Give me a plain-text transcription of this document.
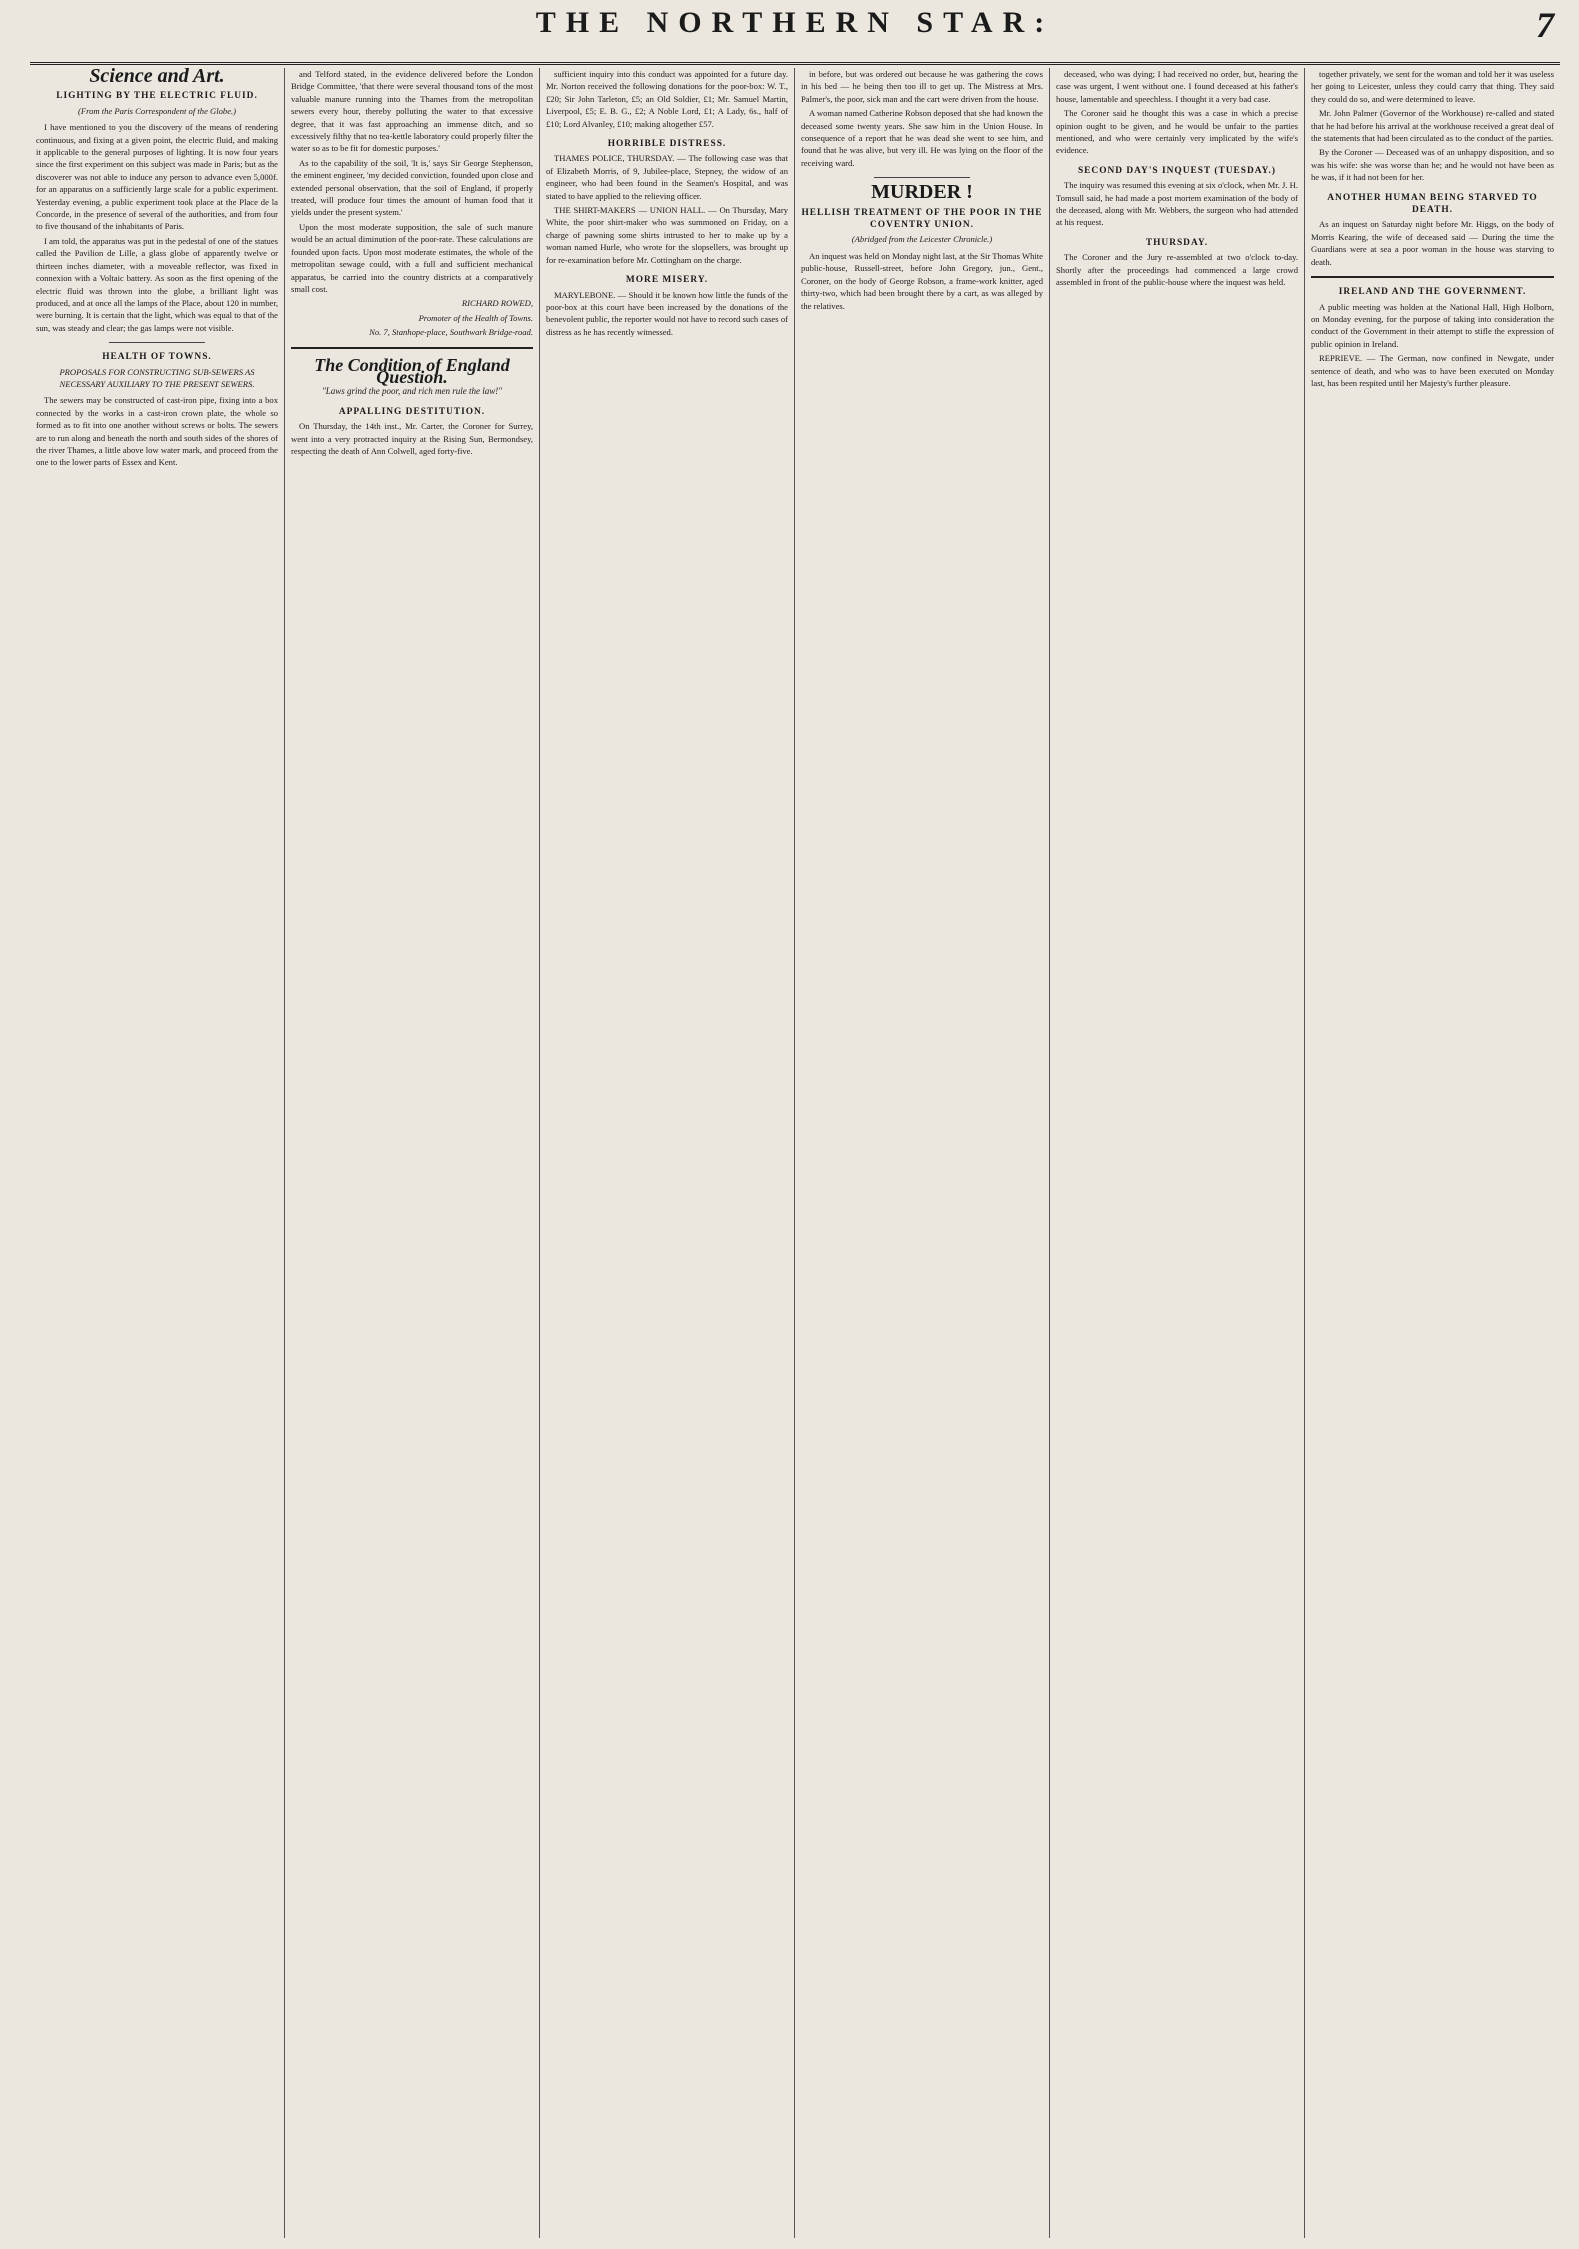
THE NORTHERN STAR:	7
Science and Art.
LIGHTING BY THE ELECTRIC FLUID.
(From the Paris Correspondent of the Globe.)

I have mentioned to you the discovery of the means of rendering continuous, and fixing at a given point, the electric fluid, and making it applicable to the general purposes of lighting. It is now four years since the first experiment on this subject was made in Paris; but as the discoverer was not able to induce any person to advance even 5,000f. for an apparatus on a sufficiently large scale for a public experiment. Yesterday evening, a public experiment took place at the Place de la Concorde, in the presence of several of the authorities, and from four to five thousand of the inhabitants of Paris.

I am told, the apparatus was put in the pedestal of one of the statues called the Pavilion de Lille, a glass globe of apparently twelve or thirteen inches diameter, with a moveable reflector, was fixed in connexion with a Voltaic battery. As soon as the first opening of the electric fluid was thrown into the globe, a brilliant light was produced, and at once all the lamps of the Place, about 120 in number, were burning. It is certain that the light, which was equal to that of the sun, was steady and clear; the gas lamps were not visible.

HEALTH OF TOWNS.
PROPOSALS FOR CONSTRUCTING SUB-SEWERS AS NECESSARY AUXILIARY TO THE PRESENT SEWERS.

The sewers may be constructed of cast-iron pipe, fixing into a box connected by the works in a cast-iron crown plate, the whole so formed as to fit into one another without screws or bolts. The sewers are to run along and beneath the north and south sides of the shores of the river Thames, a little above low water mark, and proceed from the one to the lower parts of Essex and Kent.

and Telford stated, in the evidence delivered before the London Bridge Committee, 'that there were several thousand tons of the most valuable manure running into the Thames from the metropolitan sewers every hour, thereby polluting the water to that excessive degree, that it was fast approaching an immense ditch, and so excessively filthy that no tea-kettle laboratory could properly filter the water so as to be fit for domestic purposes.'

As to the capability of the soil, 'It is,' says Sir George Stephenson, the eminent engineer, 'my decided conviction, founded upon close and extended personal observation, that the soil of England, if properly treated, will produce four times the amount of human food that it yields under the present system.'

Upon the most moderate supposition, the sale of such manure would be an actual diminution of the poor-rate. These calculations are founded upon facts. Upon most moderate estimates, the whole of the metropolitan sewage could, with a full and sufficient mechanical apparatus, be carried into the country districts at a comparatively small cost.

RICHARD ROWED,
Promoter of the Health of Towns.
No. 7, Stanhope-place, Southwark Bridge-road.
The Condition of England Question.
"Laws grind the poor, and rich men rule the law!"
APPALLING DESTITUTION.

On Thursday, the 14th inst., Mr. Carter, the Coroner for Surrey, went into a very protracted inquiry at the Rising Sun, Bermondsey, respecting the death of Ann Colwell, aged forty-five.

sufficient inquiry into this conduct was appointed for a future day. Mr. Norton received the following donations for the poor-box: W. T., £20; Sir John Tarleton, £5; an Old Soldier, £1; Mr. Samuel Martin, Liverpool, £5; E. B. G., £2; A Noble Lord, £1; A Lady, 6s., half of £10; Lord Alvanley, £10; making altogether £57.

HORRIBLE DISTRESS.

THAMES POLICE, THURSDAY. — The following case was that of Elizabeth Morris, of 9, Jubilee-place, Stepney, the widow of an engineer, who had been found in the Seamen's Hospital, and was stated to have applied to the relieving officer.

THE SHIRT-MAKERS — UNION HALL. — On Thursday, Mary White, the poor shirt-maker who was summoned on Friday, on a charge of pawning some shirts intrusted to her to make up by a woman named Hurle, who wrote for the slopsellers, was brought up for re-examination before Mr. Cottingham on the charge.

MORE MISERY.

MARYLEBONE. — Should it be known how little the funds of the poor-box at this court have been increased by the donations of the benevolent public, the reporter would not have to record such cases of distress as he has recently witnessed.

in before, but was ordered out because he was gathering the cows in his bed — he being then too ill to get up. The Mistress at Mrs. Palmer's, the poor, sick man and the cart were driven from the house.

A woman named Catherine Robson deposed that she had known the deceased some twenty years. She saw him in the Union House. In consequence of a report that he was dead she went to see him, and found that he was alive, but very ill. He was lying on the floor of the receiving ward.

MURDER !
HELLISH TREATMENT OF THE POOR IN THE COVENTRY UNION.
(Abridged from the Leicester Chronicle.)

An inquest was held on Monday night last, at the Sir Thomas White public-house, Russell-street, before John Gregory, jun., Gent., Coroner, on the body of George Robson, a frame-work knitter, aged thirty-two, which had been brought there by a cart, as was alleged by the relatives.

deceased, who was dying; I had received no order, but, hearing the case was urgent, I went without one. I found deceased at his father's house, lamentable and speechless. I thought it a very bad case.

The Coroner said he thought this was a case in which a precise opinion ought to be given, and he would be unfair to the parties mentioned, and who were certainly very implicated by the wife's evidence.

SECOND DAY'S INQUEST (TUESDAY.)

The inquiry was resumed this evening at six o'clock, when Mr. J. H. Tomsull said, he had made a post mortem examination of the body of the deceased, along with Mr. Webbers, the surgeon who had attended at his request.

THURSDAY.

The Coroner and the Jury re-assembled at two o'clock to-day. Shortly after the proceedings had commenced a large crowd assembled in front of the public-house where the inquest was held.

together privately, we sent for the woman and told her it was useless her going to Leicester, unless they could carry that thing. They said they could do so, and were determined to leave.

Mr. John Palmer (Governor of the Workhouse) re-called and stated that he had before his arrival at the workhouse received a great deal of the statements that had been circulated as to the conduct of the parties.

By the Coroner — Deceased was of an unhappy disposition, and so was his wife: she was worse than he; and he would not have been as he was, if it had not been for her.

ANOTHER HUMAN BEING STARVED TO DEATH.

As an inquest on Saturday night before Mr. Higgs, on the body of Morris Kearing, the wife of deceased said — During the time the Guardians were at sea a poor woman in the house was starving to death.

IRELAND AND THE GOVERNMENT.

A public meeting was holden at the National Hall, High Holborn, on Monday evening, for the purpose of taking into consideration the conduct of the Government in their attempt to stifle the expression of public opinion in Ireland.

REPRIEVE. — The German, now confined in Newgate, under sentence of death, and who was to have been executed on Monday last, has been respited until her Majesty's further pleasure.
